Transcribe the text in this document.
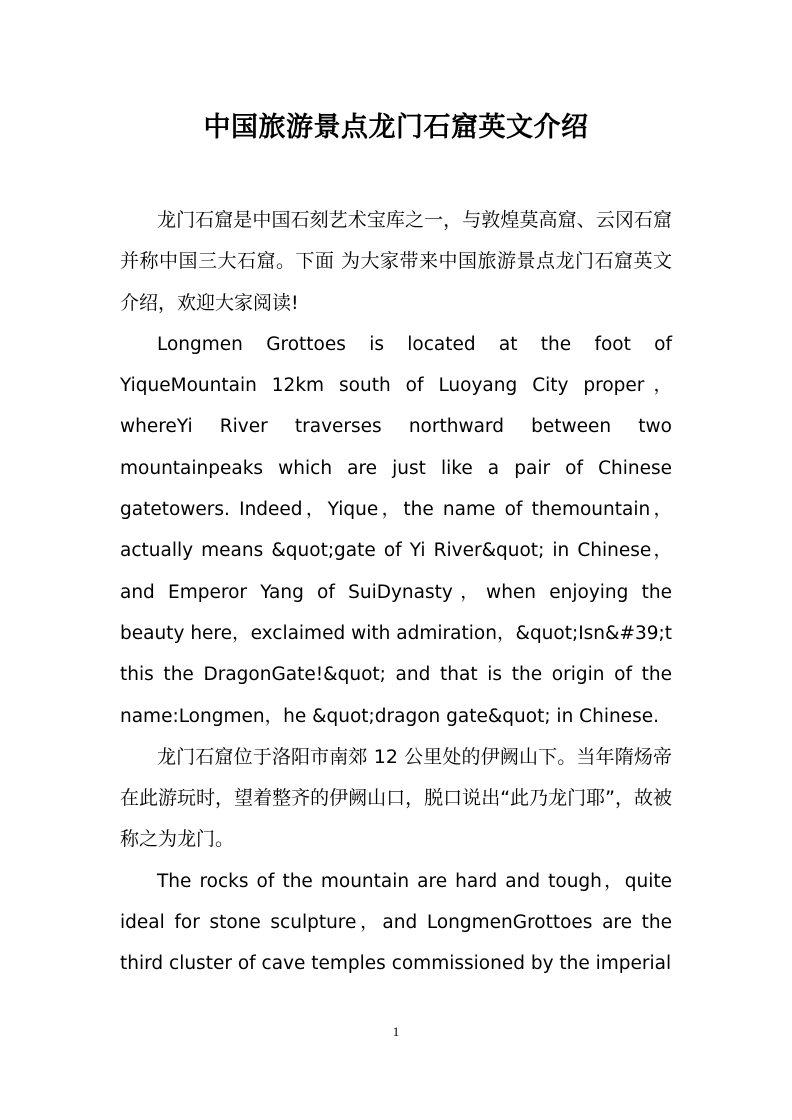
中国旅游景点龙门石窟英文介绍

龙门石窟是中国石刻艺术宝库之一，与敦煌莫高窟、云冈石窟并称中国三大石窟。下面 为大家带来中国旅游景点龙门石窟英文介绍，欢迎大家阅读!

Longmen Grottoes is located at the foot of YiqueMountain 12km south of Luoyang City proper，whereYi River traverses northward between two mountainpeaks which are just like a pair of Chinese gatetowers. Indeed，Yique，the name of themountain，actually means &quot;gate of Yi River&quot; in Chinese，and Emperor Yang of SuiDynasty，when enjoying the beauty here，exclaimed with admiration，&quot;Isn&#39;t this the DragonGate!&quot; and that is the origin of the name:Longmen，he &quot;dragon gate&quot; in Chinese.

龙门石窟位于洛阳市南郊 12 公里处的伊阙山下。当年隋炀帝在此游玩时，望着整齐的伊阙山口，脱口说出“此乃龙门耶”，故被称之为龙门。

The rocks of the mountain are hard and tough，quite ideal for stone sculpture，and LongmenGrottoes are the third cluster of cave temples commissioned by the imperial

1
